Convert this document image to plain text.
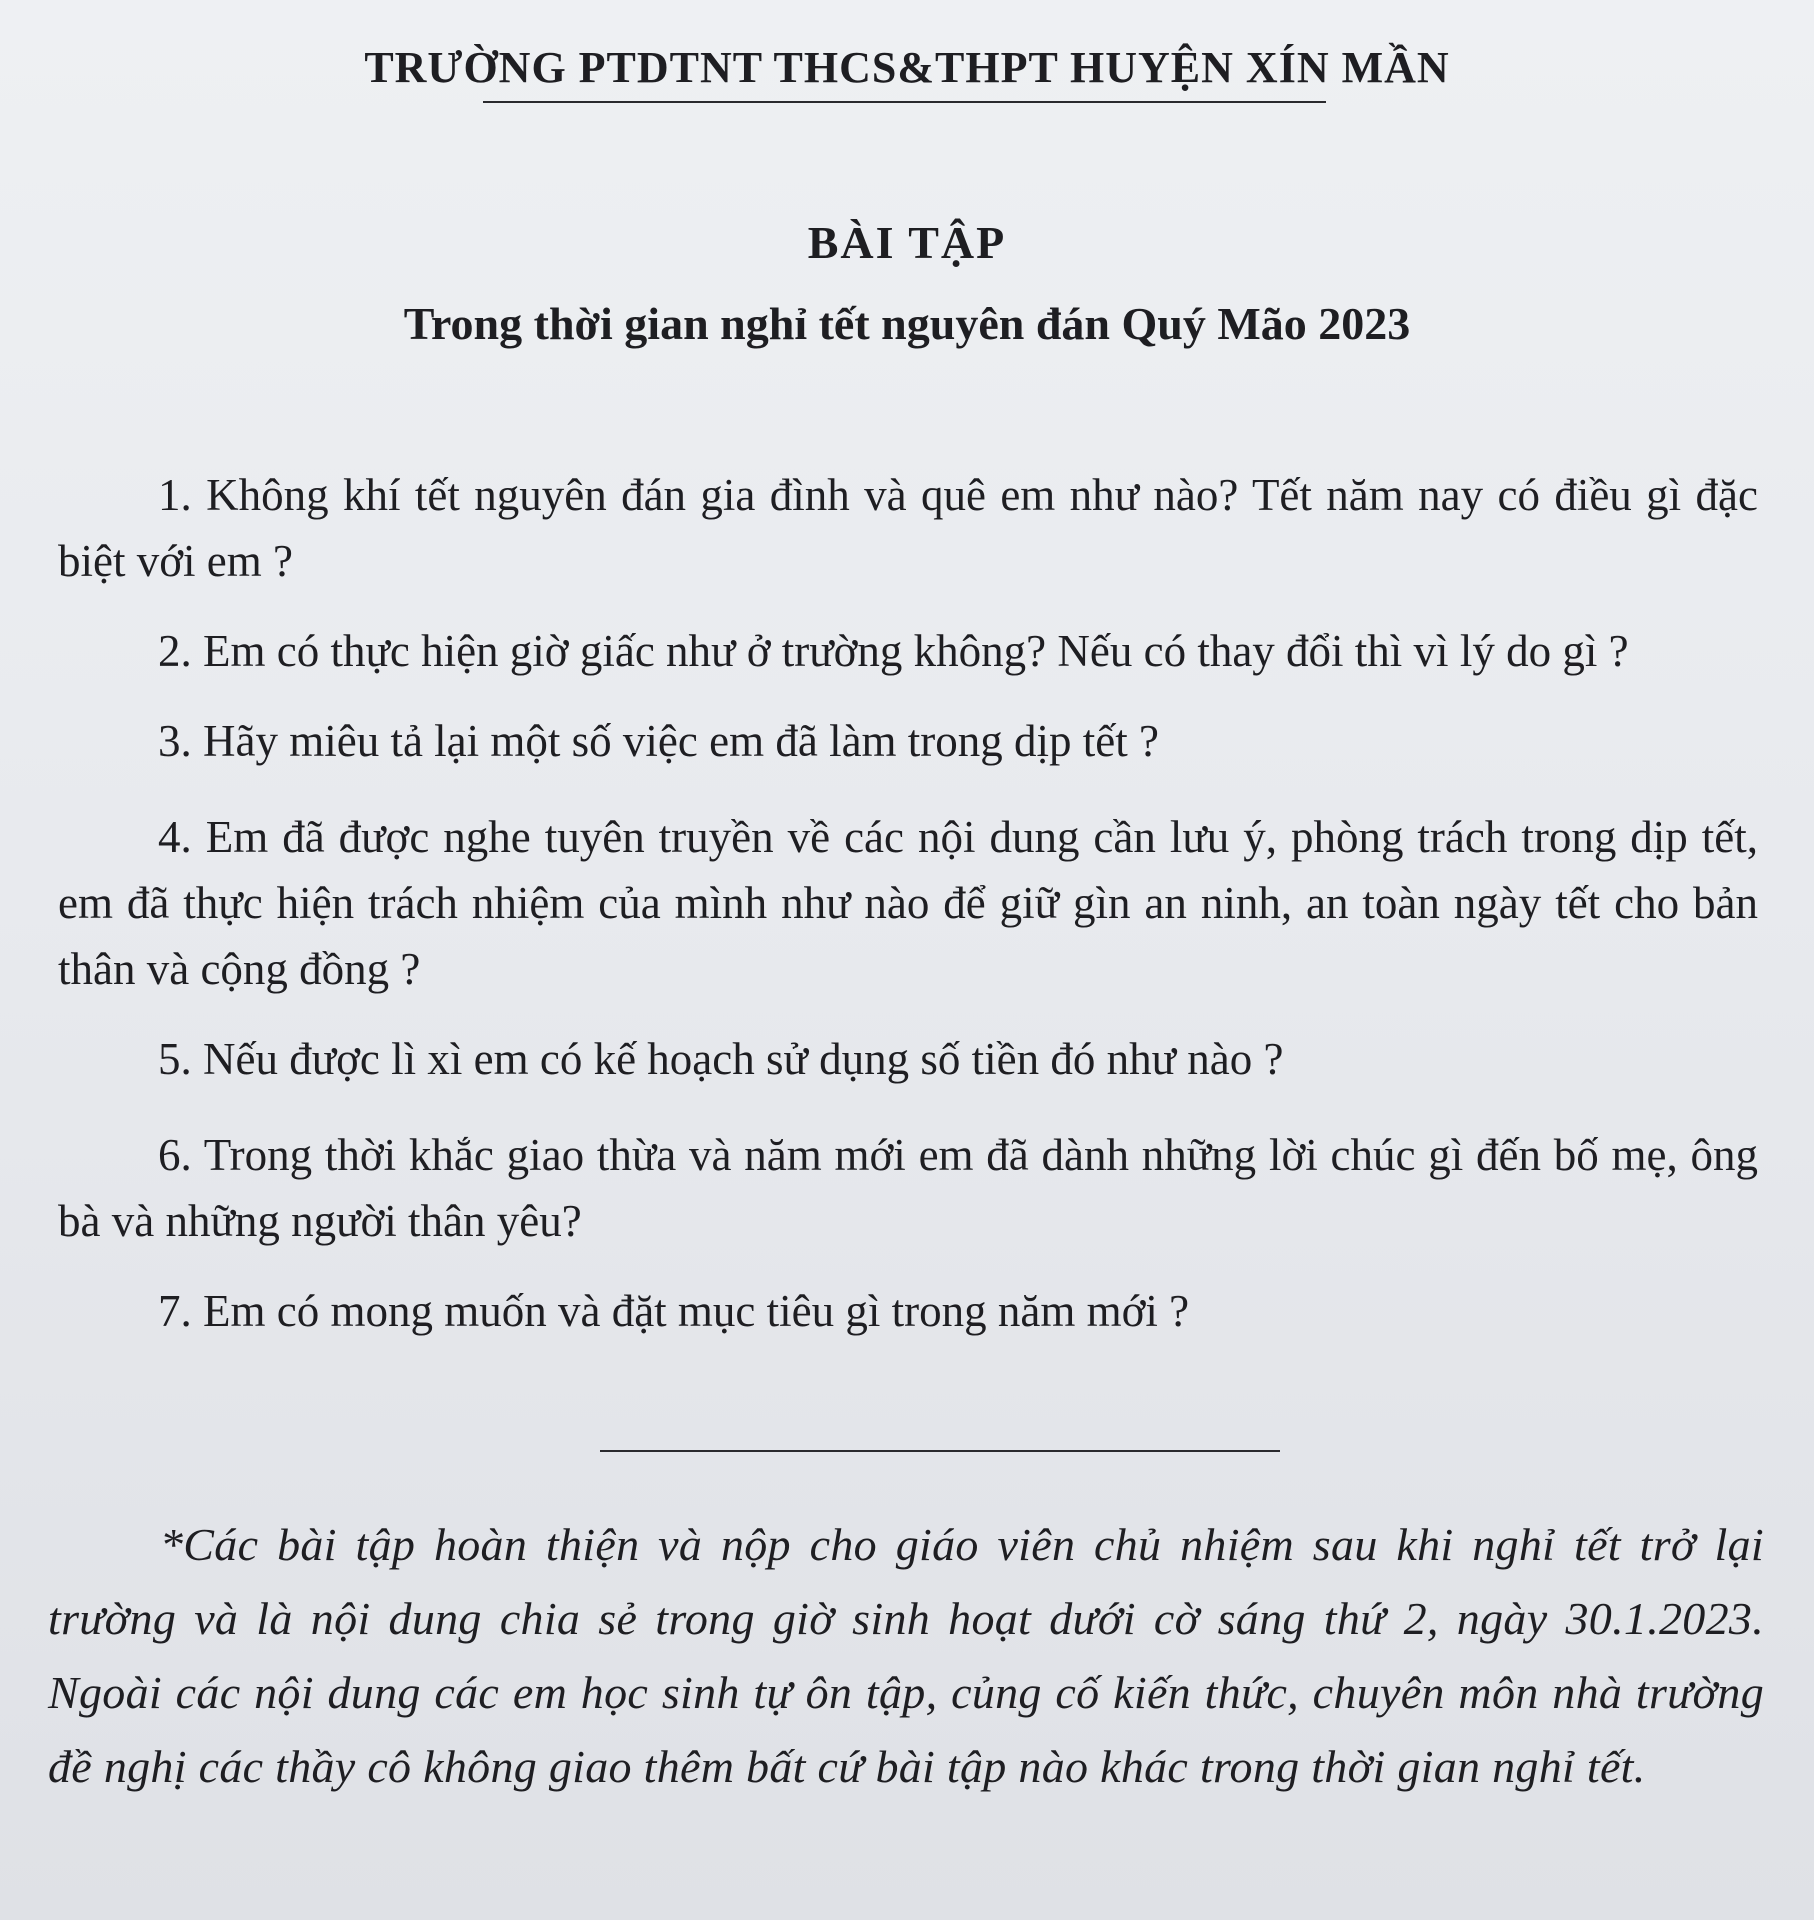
TRƯỜNG PTDTNT THCS&THPT HUYỆN XÍN MẦN
BÀI TẬP
Trong thời gian nghỉ tết nguyên đán Quý Mão 2023
1. Không khí tết nguyên đán gia đình và quê em như nào? Tết năm nay có điều gì đặc biệt với em ?
2. Em có thực hiện giờ giấc như ở trường không? Nếu có thay đổi thì vì lý do gì ?
3. Hãy miêu tả lại một số việc em đã làm trong dịp tết ?
4. Em đã được nghe tuyên truyền về các nội dung cần lưu ý, phòng trách trong dịp tết, em đã thực hiện trách nhiệm của mình như nào để giữ gìn an ninh, an toàn ngày tết cho bản thân và cộng đồng ?
5. Nếu được lì xì em có kế hoạch sử dụng số tiền đó như nào ?
6. Trong thời khắc giao thừa và năm mới em đã dành những lời chúc gì đến bố mẹ, ông bà và những người thân yêu?
7. Em có mong muốn và đặt mục tiêu gì trong năm mới ?

*Các bài tập hoàn thiện và nộp cho giáo viên chủ nhiệm sau khi nghỉ tết trở lại trường và là nội dung chia sẻ trong giờ sinh hoạt dưới cờ sáng thứ 2, ngày 30.1.2023. Ngoài các nội dung các em học sinh tự ôn tập, củng cố kiến thức, chuyên môn nhà trường đề nghị các thầy cô không giao thêm bất cứ bài tập nào khác trong thời gian nghỉ tết.
